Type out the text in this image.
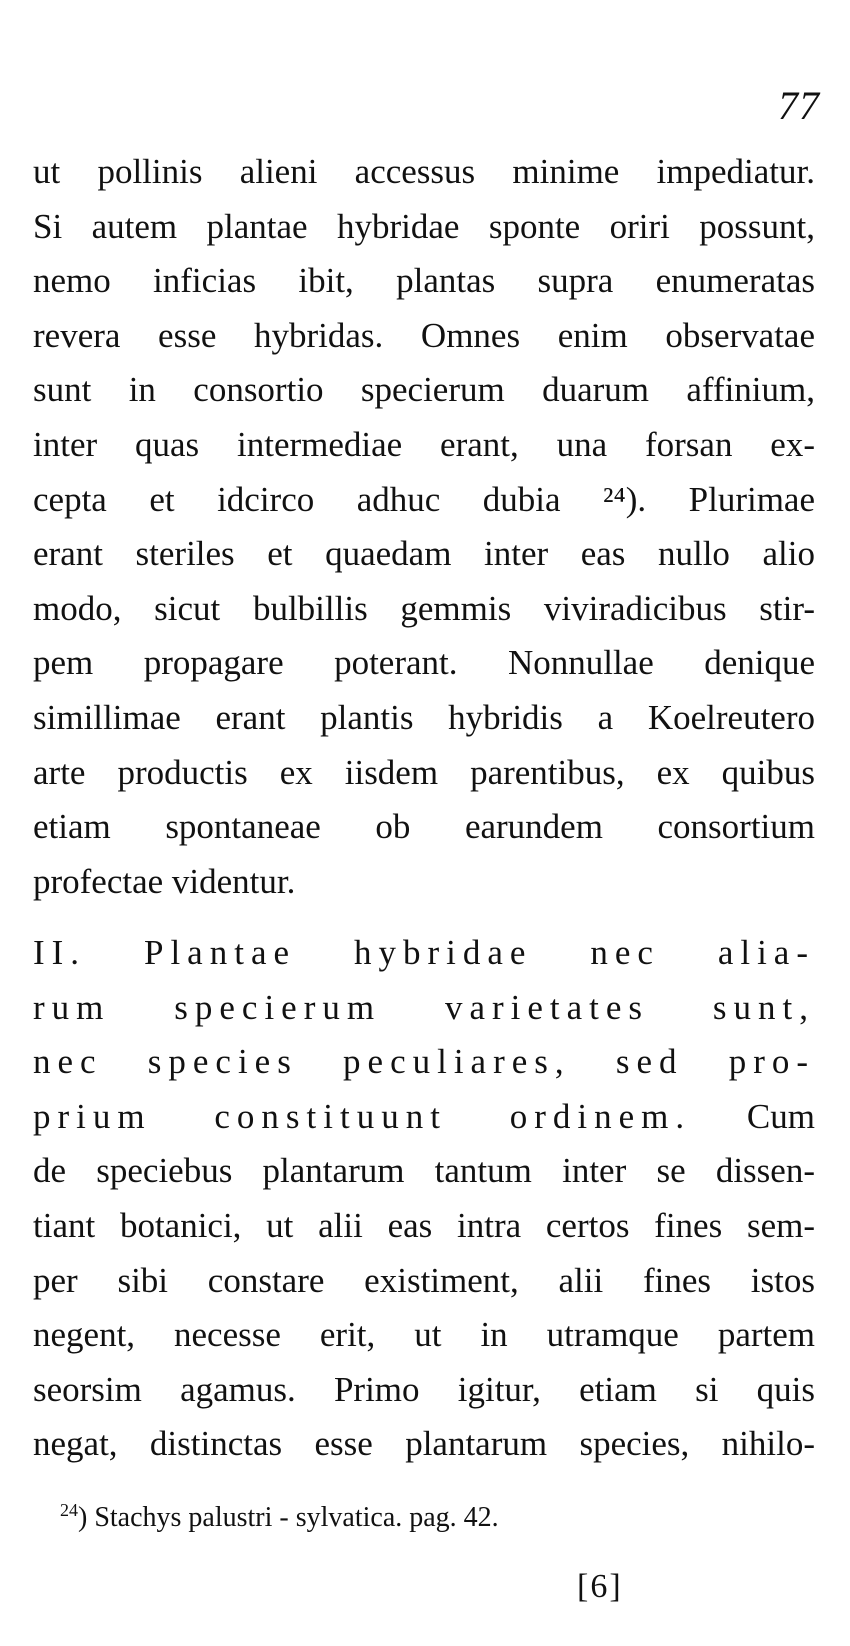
77
ut pollinis alieni accessus minime impediatur.
Si autem plantae hybridae sponte oriri possunt,
nemo inficias ibit, plantas supra enumeratas
revera esse hybridas. Omnes enim observatae
sunt in consortio specierum duarum affinium,
inter quas intermediae erant, una forsan ex-
cepta et idcirco adhuc dubia ²⁴). Plurimae
erant steriles et quaedam inter eas nullo alio
modo, sicut bulbillis gemmis viviradicibus stir-
pem propagare poterant. Nonnullae denique
simillimae erant plantis hybridis a Koelreutero
arte productis ex iisdem parentibus, ex quibus
etiam spontaneae ob earundem consortium
profectae videntur.
II. Plantae hybridae nec alia-
rum specierum varietates sunt,
nec species peculiares, sed pro-
prium constituunt ordinem. Cum
de speciebus plantarum tantum inter se dissen-
tiant botanici, ut alii eas intra certos fines sem-
per sibi constare existiment, alii fines istos
negent, necesse erit, ut in utramque partem
seorsim agamus. Primo igitur, etiam si quis
negat, distinctas esse plantarum species, nihilo-
$^{24}$) Stachys palustri - sylvatica. pag. 42.
[6]
